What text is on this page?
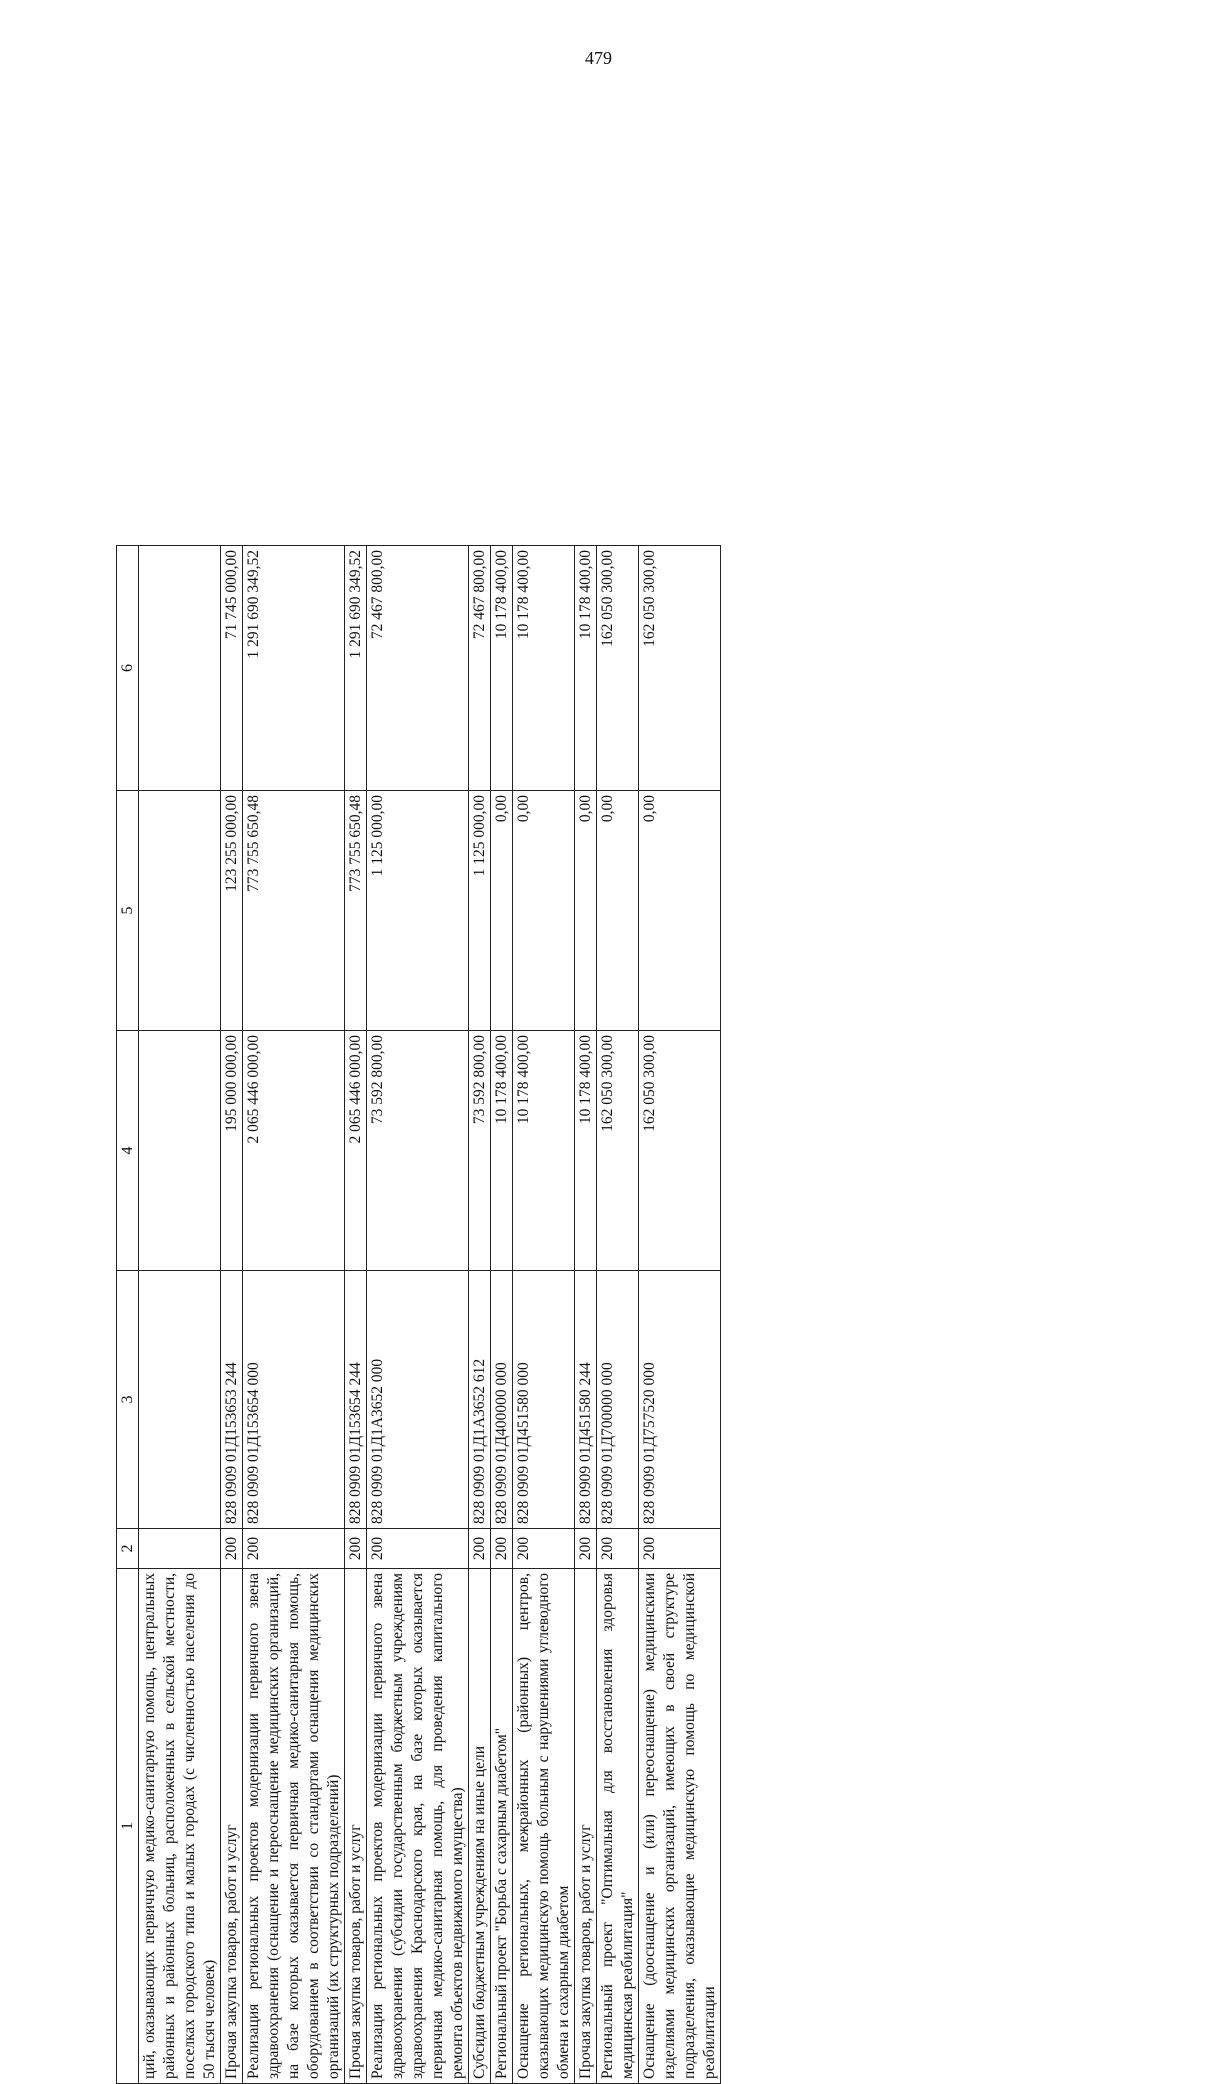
479
1	2	3	4	5	6
ций, оказывающих первичную медико-санитарную помощь, центральных районных и районных больниц, расположенных в сельской местности, поселках городского типа и малых городах (с численностью населения до 50 тысяч человек)					
Прочая закупка товаров, работ и услуг	200	828 0909 01Д153653 244	195 000 000,00	123 255 000,00	71 745 000,00
Реализация региональных проектов модернизации первичного звена здравоохранения (оснащение и переоснащение медицинских организаций, на базе которых оказывается первичная медико-санитарная помощь, оборудованием в соответствии со стандартами оснащения медицинских организаций (их структурных подразделений)	200	828 0909 01Д153654 000	2 065 446 000,00	773 755 650,48	1 291 690 349,52
Прочая закупка товаров, работ и услуг	200	828 0909 01Д153654 244	2 065 446 000,00	773 755 650,48	1 291 690 349,52
Реализация региональных проектов модернизации первичного звена здравоохранения (субсидии государственным бюджетным учреждениям здравоохранения Краснодарского края, на базе которых оказывается первичная медико-санитарная помощь, для проведения капитального ремонта объектов недвижимого имущества)	200	828 0909 01Д1А3652 000	73 592 800,00	1 125 000,00	72 467 800,00
Субсидии бюджетным учреждениям на иные цели	200	828 0909 01Д1А3652 612	73 592 800,00	1 125 000,00	72 467 800,00
Региональный проект "Борьба с сахарным диабетом"	200	828 0909 01Д400000 000	10 178 400,00	0,00	10 178 400,00
Оснащение региональных, межрайонных (районных) центров, оказывающих медицинскую помощь больным с нарушениями углеводного обмена и сахарным диабетом	200	828 0909 01Д451580 000	10 178 400,00	0,00	10 178 400,00
Прочая закупка товаров, работ и услуг	200	828 0909 01Д451580 244	10 178 400,00	0,00	10 178 400,00
Региональный проект "Оптимальная для восстановления здоровья медицинская реабилитация"	200	828 0909 01Д700000 000	162 050 300,00	0,00	162 050 300,00
Оснащение (дооснащение и (или) переоснащение) медицинскими изделиями медицинских организаций, имеющих в своей структуре подразделения, оказывающие медицинскую помощь по медицинской реабилитации	200	828 0909 01Д757520 000	162 050 300,00	0,00	162 050 300,00
